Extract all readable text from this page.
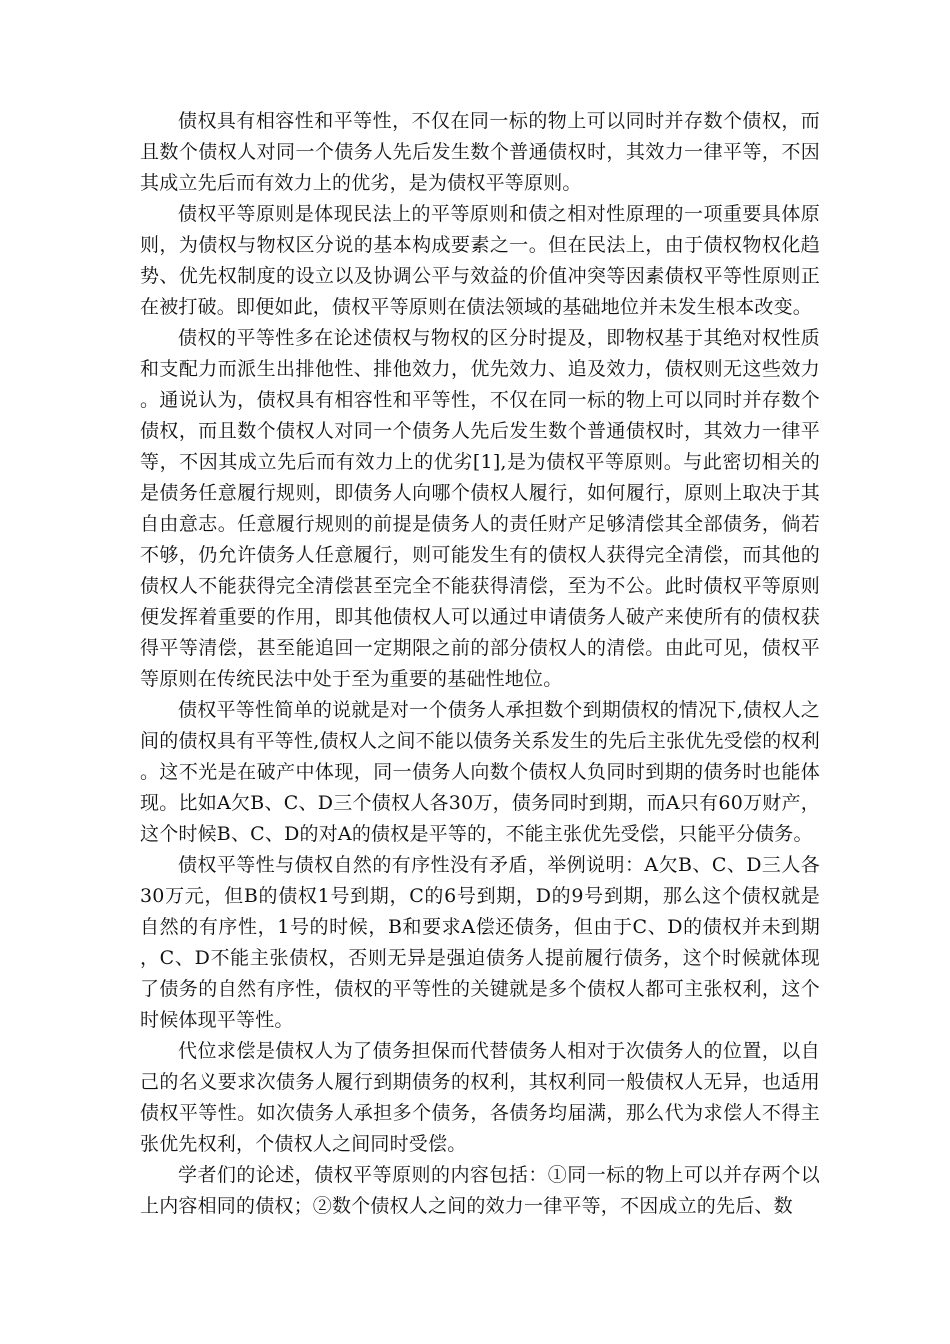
债权具有相容性和平等性，不仅在同一标的物上可以同时并存数个债权，而且数个债权人对同一个债务人先后发生数个普通债权时，其效力一律平等，不因其成立先后而有效力上的优劣，是为债权平等原则。

债权平等原则是体现民法上的平等原则和债之相对性原理的一项重要具体原则，为债权与物权区分说的基本构成要素之一。但在民法上，由于债权物权化趋势、优先权制度的设立以及协调公平与效益的价值冲突等因素债权平等性原则正在被打破。即便如此，债权平等原则在债法领域的基础地位并未发生根本改变。

债权的平等性多在论述债权与物权的区分时提及，即物权基于其绝对权性质和支配力而派生出排他性、排他效力，优先效力、追及效力，债权则无这些效力。通说认为，债权具有相容性和平等性，不仅在同一标的物上可以同时并存数个债权，而且数个债权人对同一个债务人先后发生数个普通债权时，其效力一律平等，不因其成立先后而有效力上的优劣[1],是为债权平等原则。与此密切相关的是债务任意履行规则，即债务人向哪个债权人履行，如何履行，原则上取决于其自由意志。任意履行规则的前提是债务人的责任财产足够清偿其全部债务，倘若不够，仍允许债务人任意履行，则可能发生有的债权人获得完全清偿，而其他的债权人不能获得完全清偿甚至完全不能获得清偿，至为不公。此时债权平等原则便发挥着重要的作用，即其他债权人可以通过申请债务人破产来使所有的债权获得平等清偿，甚至能追回一定期限之前的部分债权人的清偿。由此可见，债权平等原则在传统民法中处于至为重要的基础性地位。

债权平等性简单的说就是对一个债务人承担数个到期债权的情况下,债权人之间的债权具有平等性,债权人之间不能以债务关系发生的先后主张优先受偿的权利。这不光是在破产中体现，同一债务人向数个债权人负同时到期的债务时也能体现。比如A欠B、C、D三个债权人各30万，债务同时到期，而A只有60万财产，这个时候B、C、D的对A的债权是平等的，不能主张优先受偿，只能平分债务。

债权平等性与债权自然的有序性没有矛盾，举例说明：A欠B、C、D三人各30万元，但B的债权1号到期，C的6号到期，D的9号到期，那么这个债权就是自然的有序性，1号的时候，B和要求A偿还债务，但由于C、D的债权并未到期，C、D不能主张债权，否则无异是强迫债务人提前履行债务，这个时候就体现了债务的自然有序性，债权的平等性的关键就是多个债权人都可主张权利，这个时候体现平等性。

代位求偿是债权人为了债务担保而代替债务人相对于次债务人的位置，以自己的名义要求次债务人履行到期债务的权利，其权利同一般债权人无异，也适用债权平等性。如次债务人承担多个债务，各债务均届满，那么代为求偿人不得主张优先权利，个债权人之间同时受偿。

学者们的论述，债权平等原则的内容包括：①同一标的物上可以并存两个以上内容相同的债权；②数个债权人之间的效力一律平等，不因成立的先后、数
